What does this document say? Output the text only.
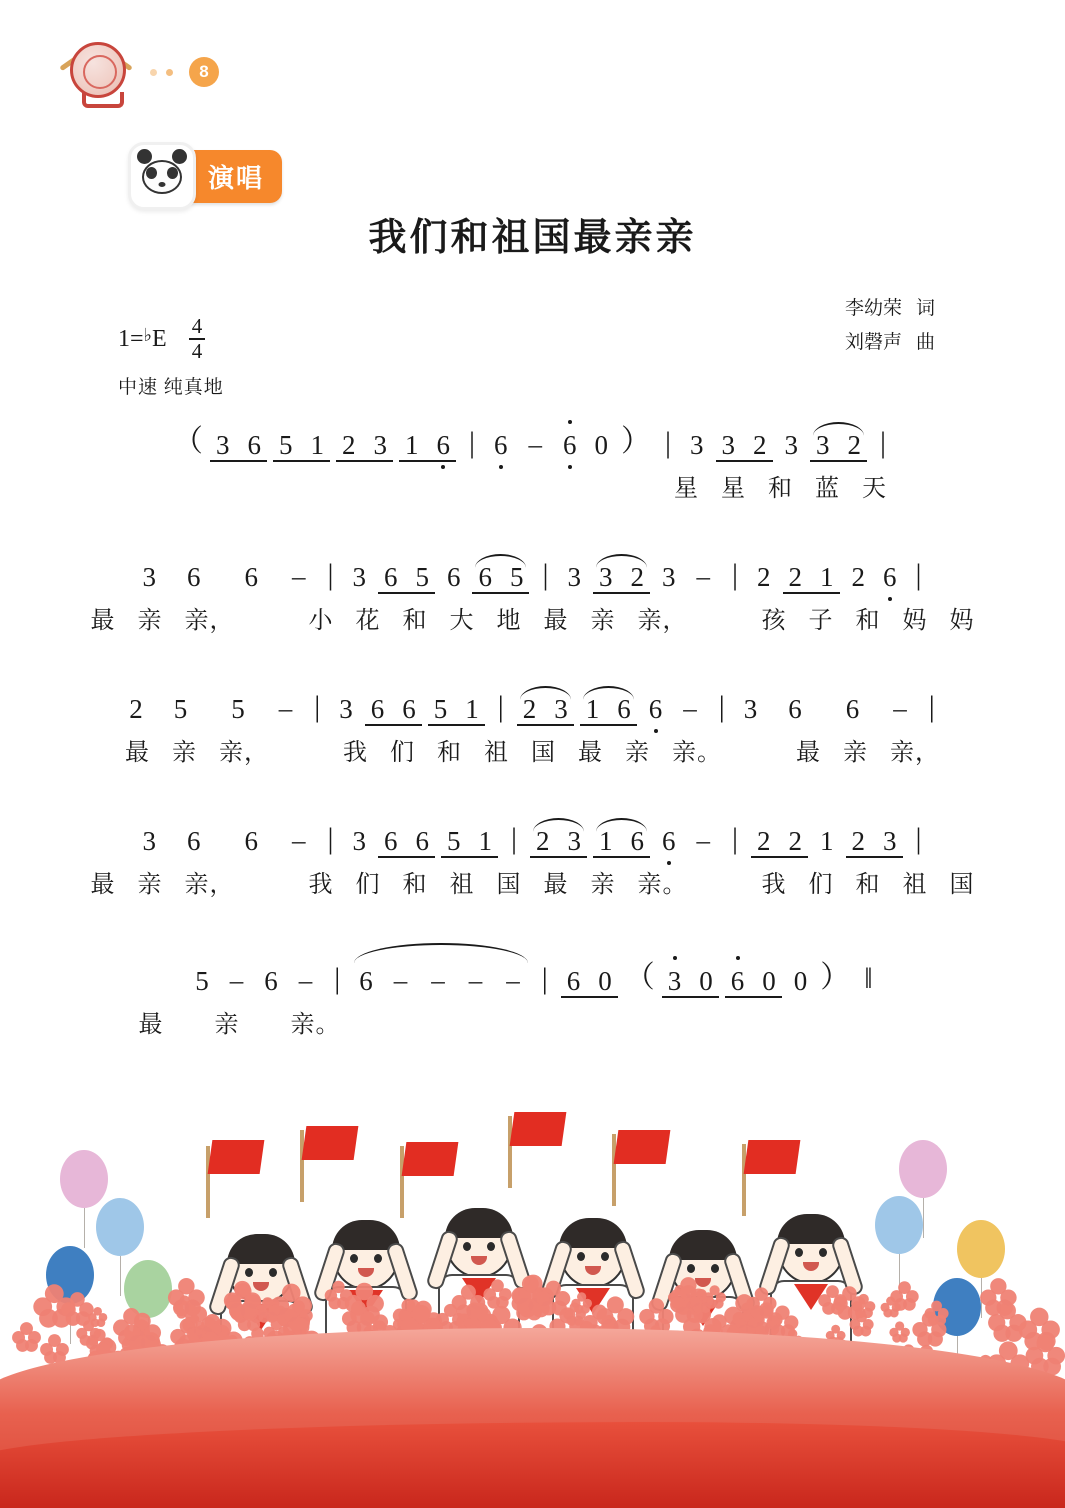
8
演唱
我们和祖国最亲亲
李幼荣 词
刘磬声 曲
1= ♭ E $\frac{4}{4}$
中速 纯真地
（ 3 6 5 1 2 3 1 6 | 6 – 6 0 ） | 3 3 2 3 3 2 |
星 星 和 蓝 天
3	6	6	– | 3 6 5 6 6 5 | 3 3 2 3 – | 2 2 1 2 6 |
最 亲 亲，	小 花 和 大 地 最 亲 亲，	孩 子 和 妈 妈
2	5	5	– | 3 6 6 5 1 | 2 3 1 6 6 – | 3	6	6	– |
最 亲 亲，	我 们 和 祖 国 最 亲 亲。	最 亲 亲，
3	6	6	– | 3 6 6 5 1 | 2 3 1 6 6 – | 2 2 1 2 3 |
最 亲 亲，	我 们 和 祖 国 最 亲 亲。	我 们 和 祖 国
5 – 6 – | 6 – – – – | 6 0 （ 3 0 6 0 0 ） ‖
最	亲	亲。
